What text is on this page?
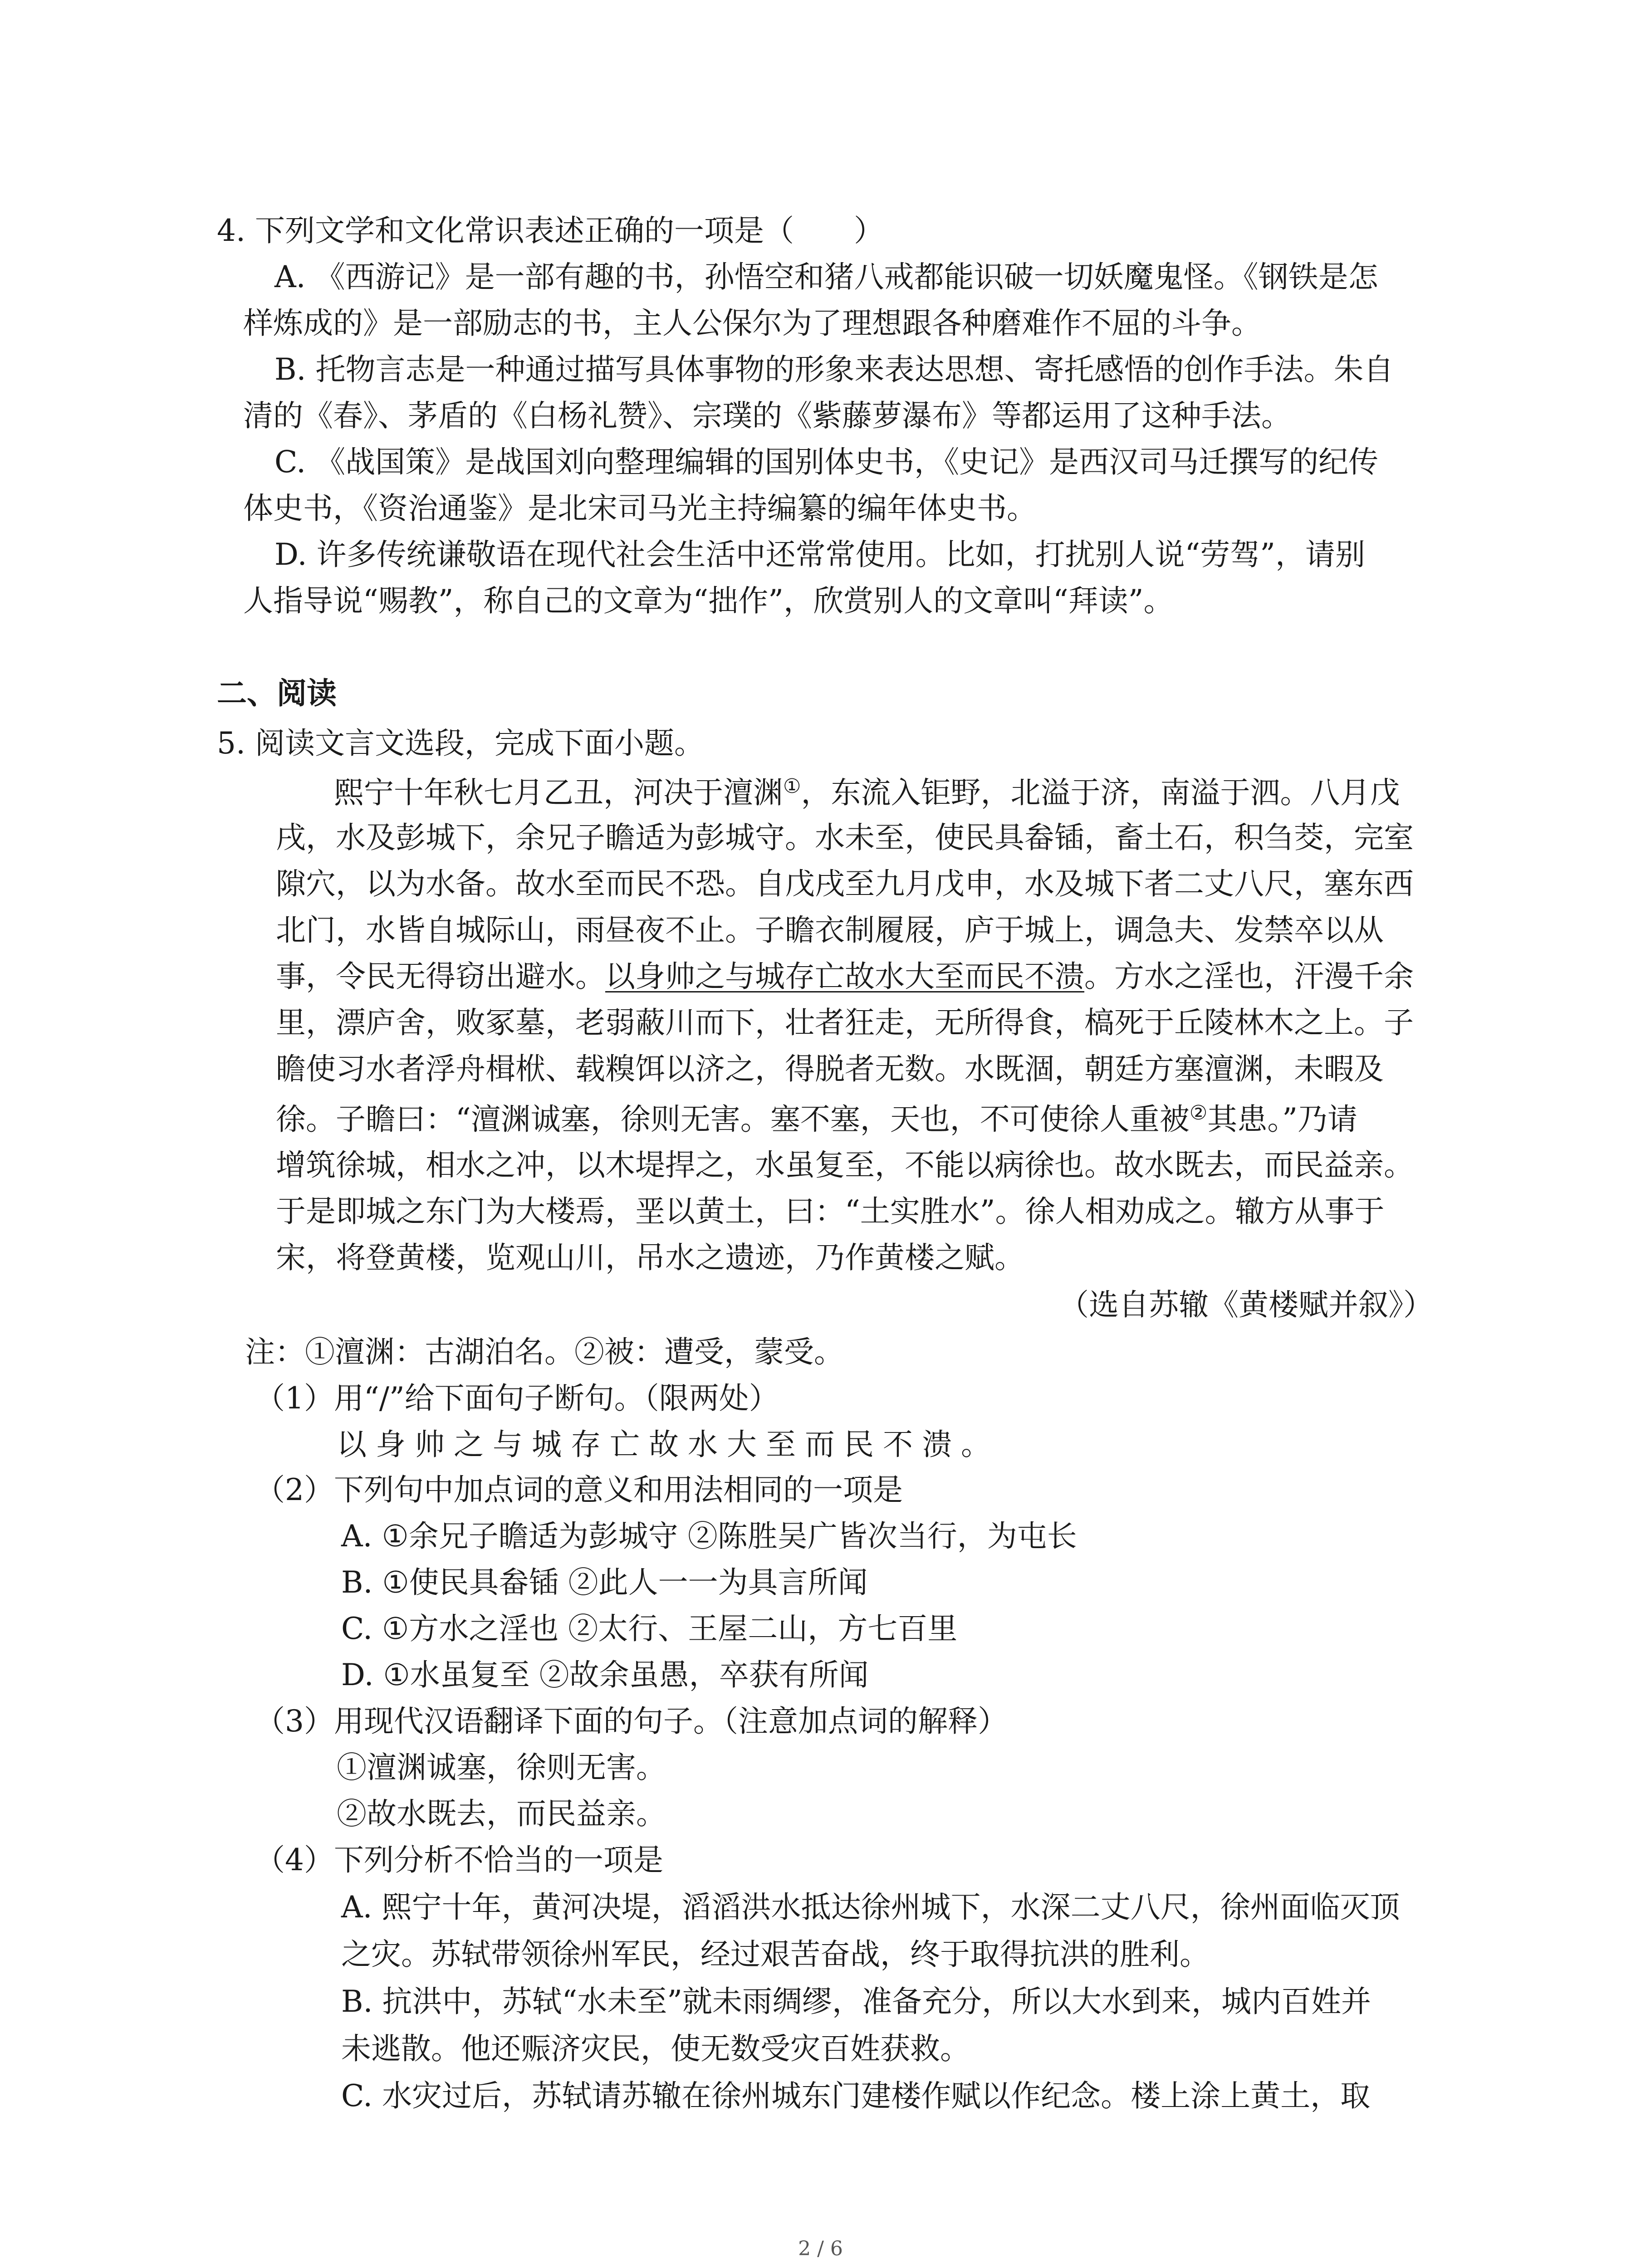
4. 下列文学和文化常识表述正确的一项是（　　）
A. 《西游记》是一部有趣的书，孙悟空和猪八戒都能识破一切妖魔鬼怪。《钢铁是怎
样炼成的》是一部励志的书，主人公保尔为了理想跟各种磨难作不屈的斗争。
B. 托物言志是一种通过描写具体事物的形象来表达思想、寄托感悟的创作手法。朱自
清的《春》、茅盾的《白杨礼赞》、宗璞的《紫藤萝瀑布》等都运用了这种手法。
C. 《战国策》是战国刘向整理编辑的国别体史书，《史记》是西汉司马迁撰写的纪传
体史书，《资治通鉴》是北宋司马光主持编纂的编年体史书。
D. 许多传统谦敬语在现代社会生活中还常常使用。比如，打扰别人说“劳驾”，请别
人指导说“赐教”，称自己的文章为“拙作”，欣赏别人的文章叫“拜读”。
二、阅读
5. 阅读文言文选段，完成下面小题。
熙宁十年秋七月乙丑，河决于澶渊①，东流入钜野，北溢于济，南溢于泗。八月戊
戌，水及彭城下，余兄子瞻适为彭城守。水未至，使民具畚锸，畜土石，积刍茭，完室
隙穴，以为水备。故水至而民不恐。自戊戌至九月戊申，水及城下者二丈八尺，塞东西
北门，水皆自城际山，雨昼夜不止。子瞻衣制履屐，庐于城上，调急夫、发禁卒以从
事，令民无得窃出避水。以身帅之与城存亡故水大至而民不溃。方水之淫也，汗漫千余
里，漂庐舍，败冢墓，老弱蔽川而下，壮者狂走，无所得食，槁死于丘陵林木之上。子
瞻使习水者浮舟楫栿、载糗饵以济之，得脱者无数。水既涸，朝廷方塞澶渊，未暇及
徐。子瞻曰：“澶渊诚塞，徐则无害。塞不塞，天也，不可使徐人重被②其患。”乃请
增筑徐城，相水之冲，以木堤捍之，水虽复至，不能以病徐也。故水既去，而民益亲。
于是即城之东门为大楼焉，垩以黄土，曰：“土实胜水”。徐人相劝成之。辙方从事于
宋，将登黄楼，览观山川，吊水之遗迹，乃作黄楼之赋。
（选自苏辙《黄楼赋并叙》）
注：①澶渊：古湖泊名。②被：遭受，蒙受。
（1）用“/”给下面句子断句。（限两处）
以身帅之与城存亡故水大至而民不溃。
（2）下列句中加点词的意义和用法相同的一项是
A. ①余兄子瞻适为彭城守 ②陈胜吴广皆次当行，为屯长
B. ①使民具畚锸 ②此人一一为具言所闻
C. ①方水之淫也 ②太行、王屋二山，方七百里
D. ①水虽复至 ②故余虽愚，卒获有所闻
（3）用现代汉语翻译下面的句子。（注意加点词的解释）
①澶渊诚塞，徐则无害。
②故水既去，而民益亲。
（4）下列分析不恰当的一项是
A. 熙宁十年，黄河决堤，滔滔洪水抵达徐州城下，水深二丈八尺，徐州面临灭顶
之灾。苏轼带领徐州军民，经过艰苦奋战，终于取得抗洪的胜利。
B. 抗洪中，苏轼“水未至”就未雨绸缪，准备充分，所以大水到来，城内百姓并
未逃散。他还赈济灾民，使无数受灾百姓获救。
C. 水灾过后，苏轼请苏辙在徐州城东门建楼作赋以作纪念。楼上涂上黄土，取
2 / 6
